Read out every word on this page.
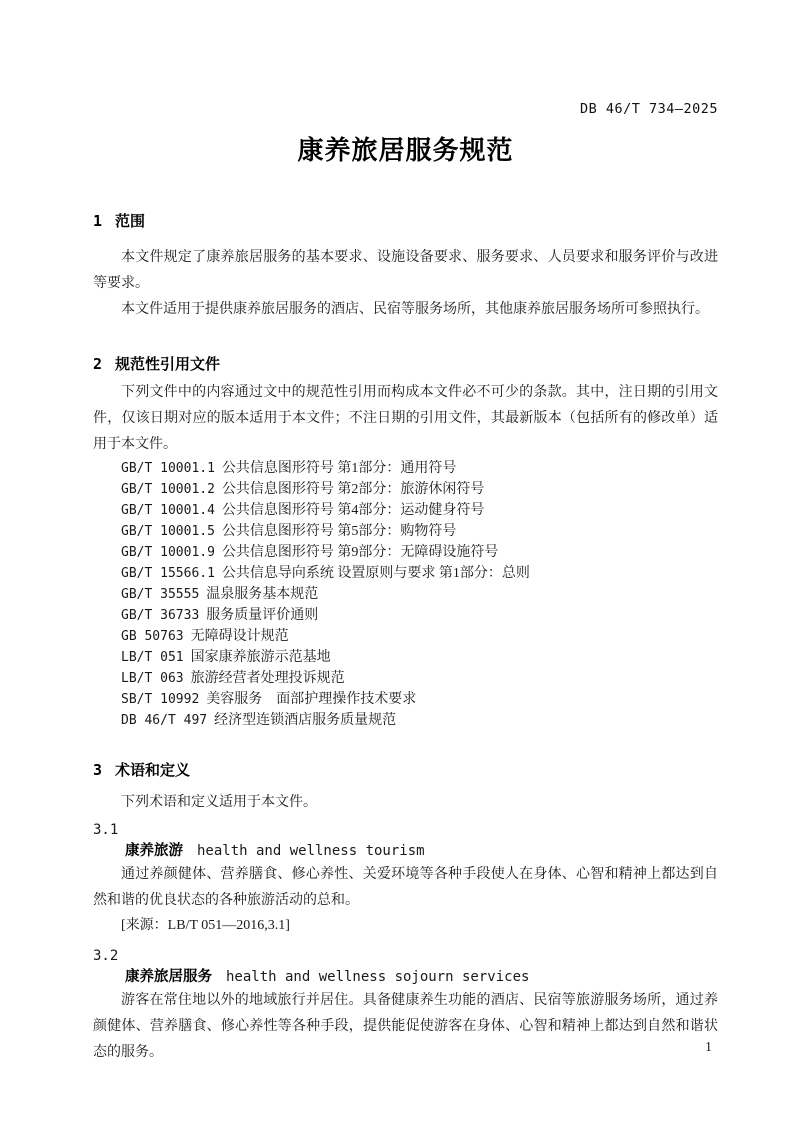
DB 46/T 734—2025
康养旅居服务规范
1 范围

本文件规定了康养旅居服务的基本要求、设施设备要求、服务要求、人员要求和服务评价与改进等要求。

本文件适用于提供康养旅居服务的酒店、民宿等服务场所，其他康养旅居服务场所可参照执行。

2 规范性引用文件

下列文件中的内容通过文中的规范性引用而构成本文件必不可少的条款。其中，注日期的引用文件，仅该日期对应的版本适用于本文件；不注日期的引用文件，其最新版本（包括所有的修改单）适用于本文件。

GB/T 10001.1 公共信息图形符号 第1部分：通用符号
GB/T 10001.2 公共信息图形符号 第2部分：旅游休闲符号
GB/T 10001.4 公共信息图形符号 第4部分：运动健身符号
GB/T 10001.5 公共信息图形符号 第5部分：购物符号
GB/T 10001.9 公共信息图形符号 第9部分：无障碍设施符号
GB/T 15566.1 公共信息导向系统 设置原则与要求 第1部分：总则
GB/T 35555 温泉服务基本规范
GB/T 36733 服务质量评价通则
GB 50763 无障碍设计规范
LB/T 051 国家康养旅游示范基地
LB/T 063 旅游经营者处理投诉规范
SB/T 10992 美容服务　面部护理操作技术要求
DB 46/T 497 经济型连锁酒店服务质量规范
3 术语和定义

下列术语和定义适用于本文件。

3.1
康养旅游 health and wellness tourism

通过养颜健体、营养膳食、修心养性、关爱环境等各种手段使人在身体、心智和精神上都达到自然和谐的优良状态的各种旅游活动的总和。

[来源：LB/T 051—2016,3.1]

3.2
康养旅居服务 health and wellness sojourn services

游客在常住地以外的地域旅行并居住。具备健康养生功能的酒店、民宿等旅游服务场所，通过养颜健体、营养膳食、修心养性等各种手段，提供能促使游客在身体、心智和精神上都达到自然和谐状态的服务。	1
